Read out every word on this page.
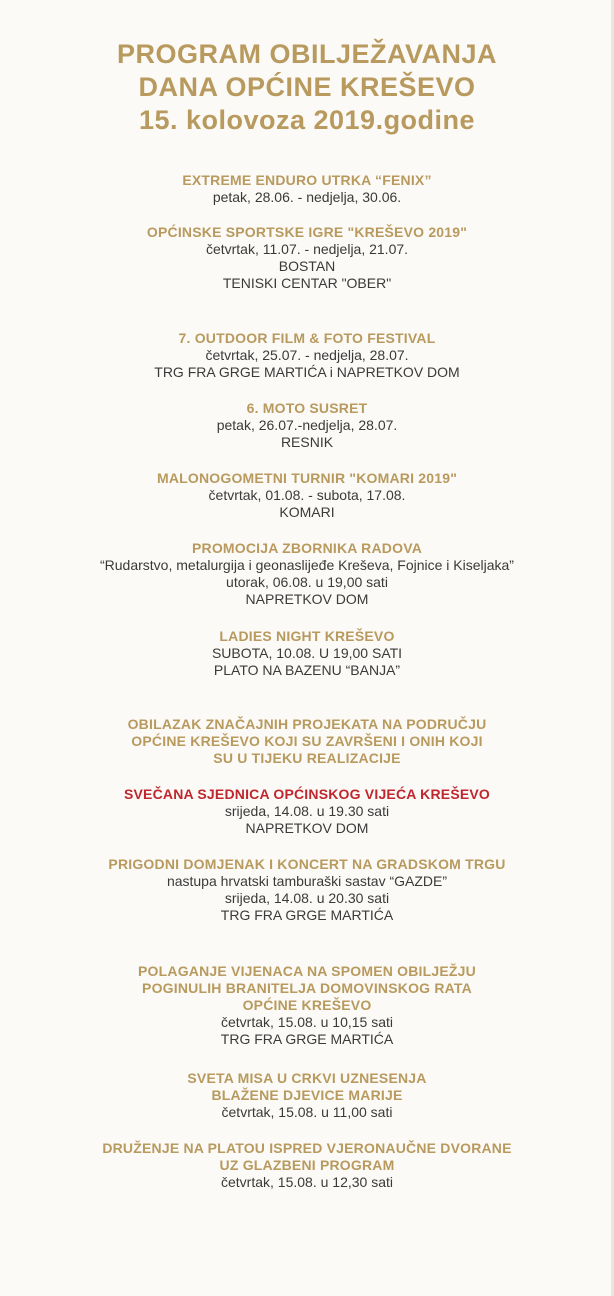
PROGRAM OBILJEŽAVANJA
DANA OPĆINE KREŠEVO
15. kolovoza 2019.godine
EXTREME ENDURO UTRKA “FENIX”
petak, 28.06. - nedjelja, 30.06.
OPĆINSKE SPORTSKE IGRE "KREŠEVO 2019"
četvrtak, 11.07. - nedjelja, 21.07.
BOSTAN
TENISKI CENTAR "OBER"
7. OUTDOOR FILM & FOTO FESTIVAL
četvrtak, 25.07. - nedjelja, 28.07.
TRG FRA GRGE MARTIĆA i NAPRETKOV DOM
6. MOTO SUSRET
petak, 26.07.-nedjelja, 28.07.
RESNIK
MALONOGOMETNI TURNIR "KOMARI 2019"
četvrtak, 01.08. - subota, 17.08.
KOMARI
PROMOCIJA ZBORNIKA RADOVA
“Rudarstvo, metalurgija i geonaslijeđe Kreševa, Fojnice i Kiseljaka”
utorak, 06.08. u 19,00 sati
NAPRETKOV DOM
LADIES NIGHT KREŠEVO
SUBOTA, 10.08. U 19,00 SATI
PLATO NA BAZENU “BANJA”
OBILAZAK ZNAČAJNIH PROJEKATA NA PODRUČJU
OPĆINE KREŠEVO KOJI SU ZAVRŠENI I ONIH KOJI
SU U TIJEKU REALIZACIJE
SVEČANA SJEDNICA OPĆINSKOG VIJEĆA KREŠEVO
srijeda, 14.08. u 19.30 sati
NAPRETKOV DOM
PRIGODNI DOMJENAK I KONCERT NA GRADSKOM TRGU
nastupa hrvatski tamburaški sastav “GAZDE”
srijeda, 14.08. u 20.30 sati
TRG FRA GRGE MARTIĆA
POLAGANJE VIJENACA NA SPOMEN OBILJEŽJU
POGINULIH BRANITELJA DOMOVINSKOG RATA
OPĆINE KREŠEVO
četvrtak, 15.08. u 10,15 sati
TRG FRA GRGE MARTIĆA
SVETA MISA U CRKVI UZNESENJA
BLAŽENE DJEVICE MARIJE
četvrtak, 15.08. u 11,00 sati
DRUŽENJE NA PLATOU ISPRED VJERONAUČNE DVORANE
UZ GLAZBENI PROGRAM
četvrtak, 15.08. u 12,30 sati
